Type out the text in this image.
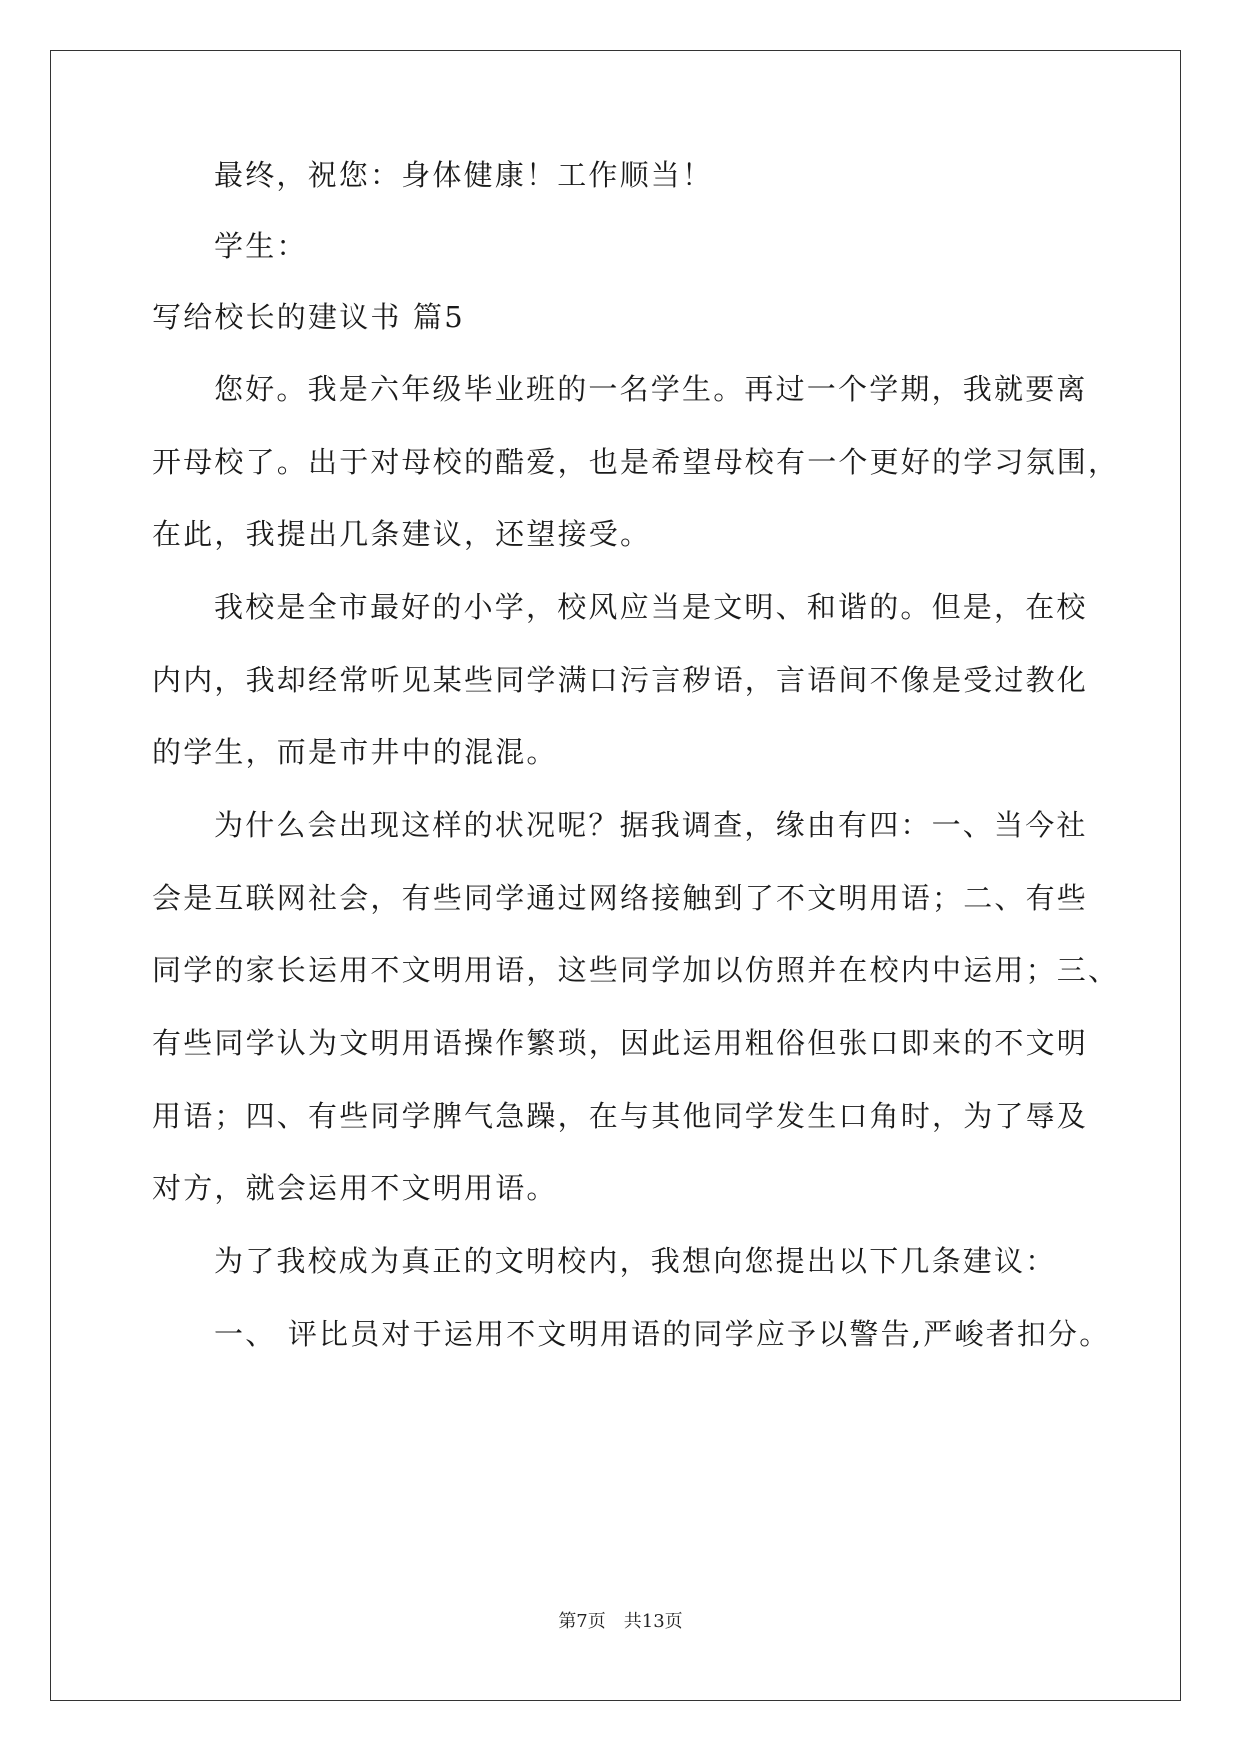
最终，祝您：身体健康！工作顺当！

学生：

写给校长的建议书 篇5

您好。我是六年级毕业班的一名学生。再过一个学期，我就要离

开母校了。出于对母校的酷爱，也是希望母校有一个更好的学习氛围，

在此，我提出几条建议，还望接受。

我校是全市最好的小学，校风应当是文明、和谐的。但是，在校

内内，我却经常听见某些同学满口污言秽语，言语间不像是受过教化

的学生，而是市井中的混混。

为什么会出现这样的状况呢？据我调查，缘由有四：一、当今社

会是互联网社会，有些同学通过网络接触到了不文明用语；二、有些

同学的家长运用不文明用语，这些同学加以仿照并在校内中运用；三、

有些同学认为文明用语操作繁琐，因此运用粗俗但张口即来的不文明

用语；四、有些同学脾气急躁，在与其他同学发生口角时，为了辱及

对方，就会运用不文明用语。

为了我校成为真正的文明校内，我想向您提出以下几条建议：

一、 评比员对于运用不文明用语的同学应予以警告,严峻者扣分。

第7页　共13页
